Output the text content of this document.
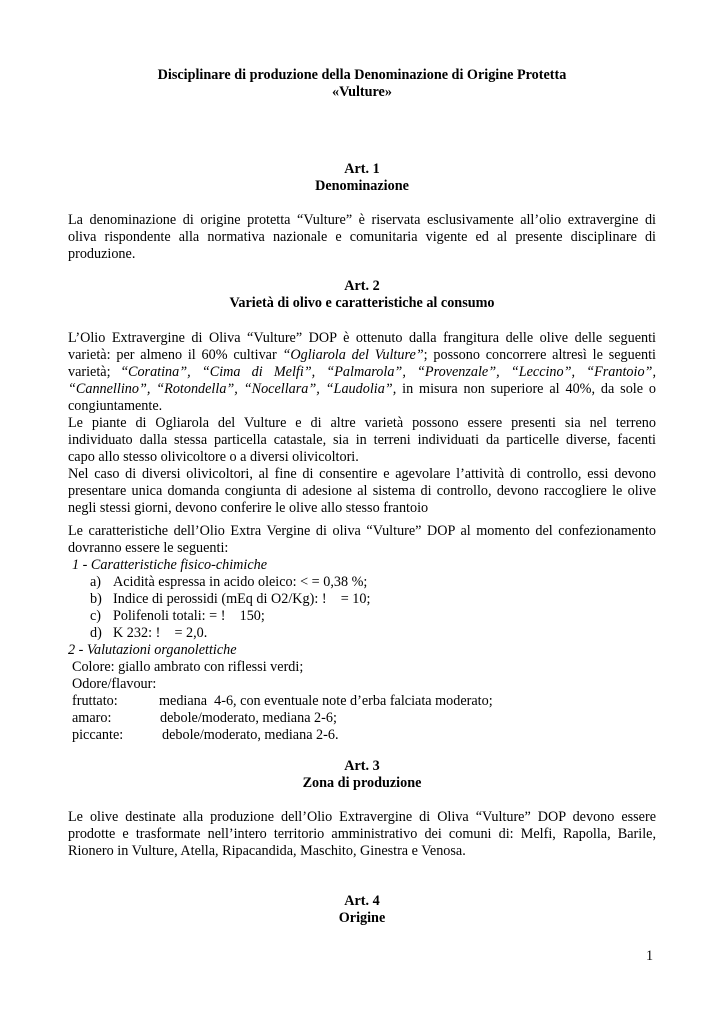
Disciplinare di produzione della Denominazione di Origine Protetta
«Vulture»
Art. 1
Denominazione
La denominazione di origine protetta “Vulture” è riservata esclusivamente all’olio extravergine di
oliva rispondente alla normativa nazionale e comunitaria vigente ed al presente disciplinare di
produzione.
Art. 2
Varietà di olivo e caratteristiche al consumo
L’Olio Extravergine di Oliva “Vulture” DOP è ottenuto dalla frangitura delle olive delle seguenti
varietà: per almeno il 60% cultivar “Ogliarola del Vulture”; possono concorrere altresì le seguenti
varietà; “Coratina”, “Cima di Melfi”, “Palmarola”, “Provenzale”, “Leccino”, “Frantoio”,
“Cannellino”, “Rotondella”, “Nocellara”, “Laudolia”, in misura non superiore al 40%, da sole o
congiuntamente.
Le piante di Ogliarola del Vulture e di altre varietà possono essere presenti sia nel terreno
individuato dalla stessa particella catastale, sia in terreni individuati da particelle diverse, facenti
capo allo stesso olivicoltore o a diversi olivicoltori.
Nel caso di diversi olivicoltori, al fine di consentire e agevolare l’attività di controllo, essi devono
presentare unica domanda congiunta di adesione al sistema di controllo, devono raccogliere le olive
negli stessi giorni, devono conferire le olive allo stesso frantoio
Le caratteristiche dell’Olio Extra Vergine di oliva “Vulture” DOP al momento del confezionamento
dovranno essere le seguenti:
1 - Caratteristiche fisico-chimiche
a) Acidità espressa in acido oleico: < = 0,38 %;
b) Indice di perossidi (mEq di O2/Kg): !    = 10;
c) Polifenoli totali: = !    150;
d) K 232: !    = 2,0.
2 - Valutazioni organolettiche
Colore: giallo ambrato con riflessi verdi;
Odore/flavour:
fruttato:	mediana  4-6, con eventuale note d’erba falciata moderato;
amaro:	debole/moderato, mediana 2-6;
piccante:	debole/moderato, mediana 2-6.
Art. 3
Zona di produzione
Le olive destinate alla produzione dell’Olio Extravergine di Oliva “Vulture” DOP devono essere
prodotte e trasformate nell’intero territorio amministrativo dei comuni di: Melfi, Rapolla, Barile,
Rionero in Vulture, Atella, Ripacandida, Maschito, Ginestra e Venosa.
Art. 4
Origine
1
